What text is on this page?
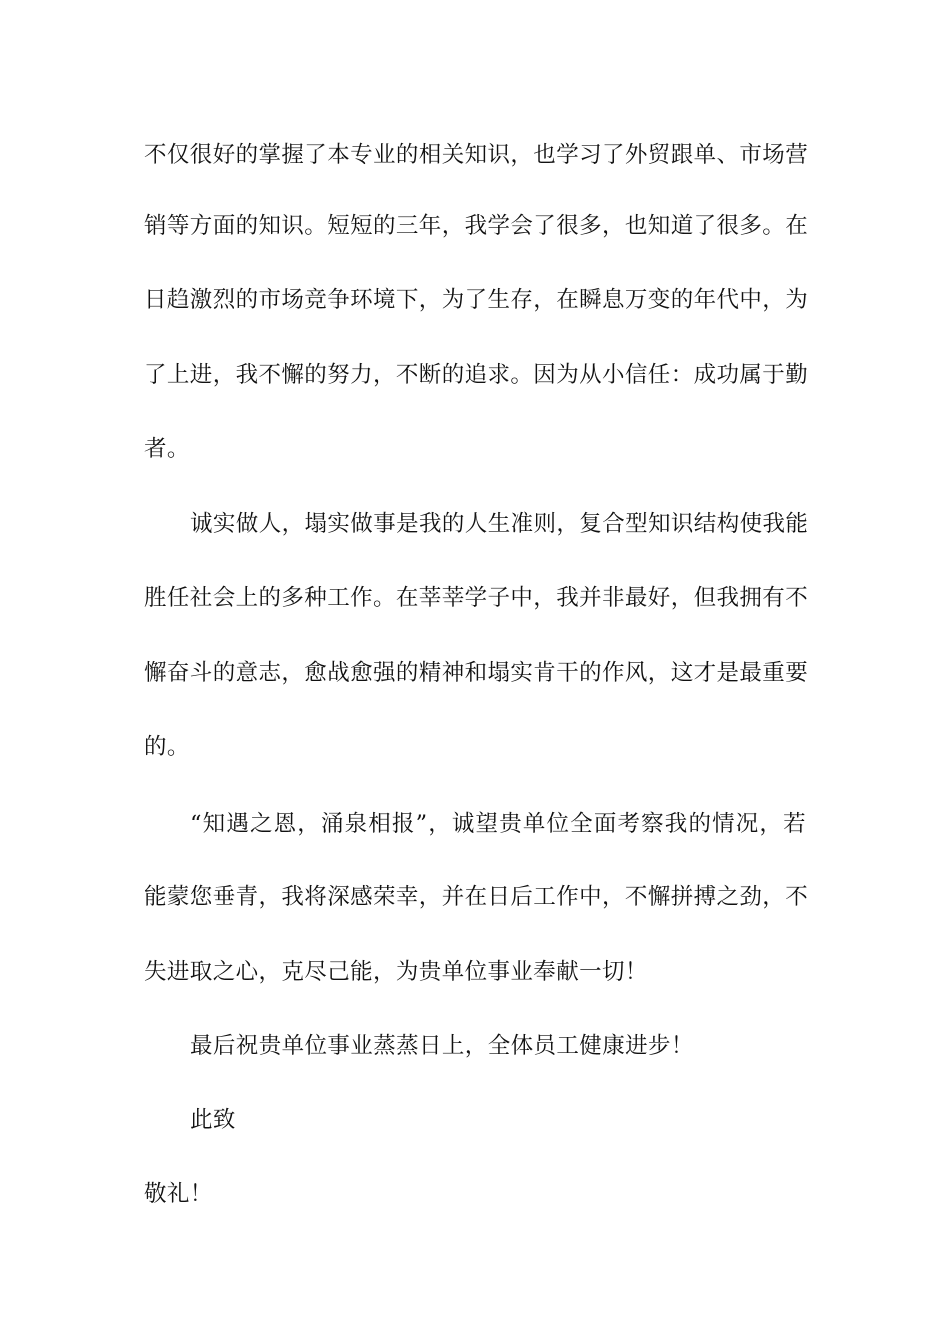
不仅很好的掌握了本专业的相关知识，也学习了外贸跟单、市场营
销等方面的知识。短短的三年，我学会了很多，也知道了很多。在
日趋激烈的市场竞争环境下，为了生存，在瞬息万变的年代中，为
了上进，我不懈的努力，不断的追求。因为从小信任：成功属于勤
者。
诚实做人，塌实做事是我的人生准则，复合型知识结构使我能
胜任社会上的多种工作。在莘莘学子中，我并非最好，但我拥有不
懈奋斗的意志，愈战愈强的精神和塌实肯干的作风，这才是最重要
的。
“知遇之恩，涌泉相报”，诚望贵单位全面考察我的情况，若
能蒙您垂青，我将深感荣幸，并在日后工作中，不懈拼搏之劲，不
失进取之心，克尽己能，为贵单位事业奉献一切！
最后祝贵单位事业蒸蒸日上，全体员工健康进步！
此致
敬礼！
